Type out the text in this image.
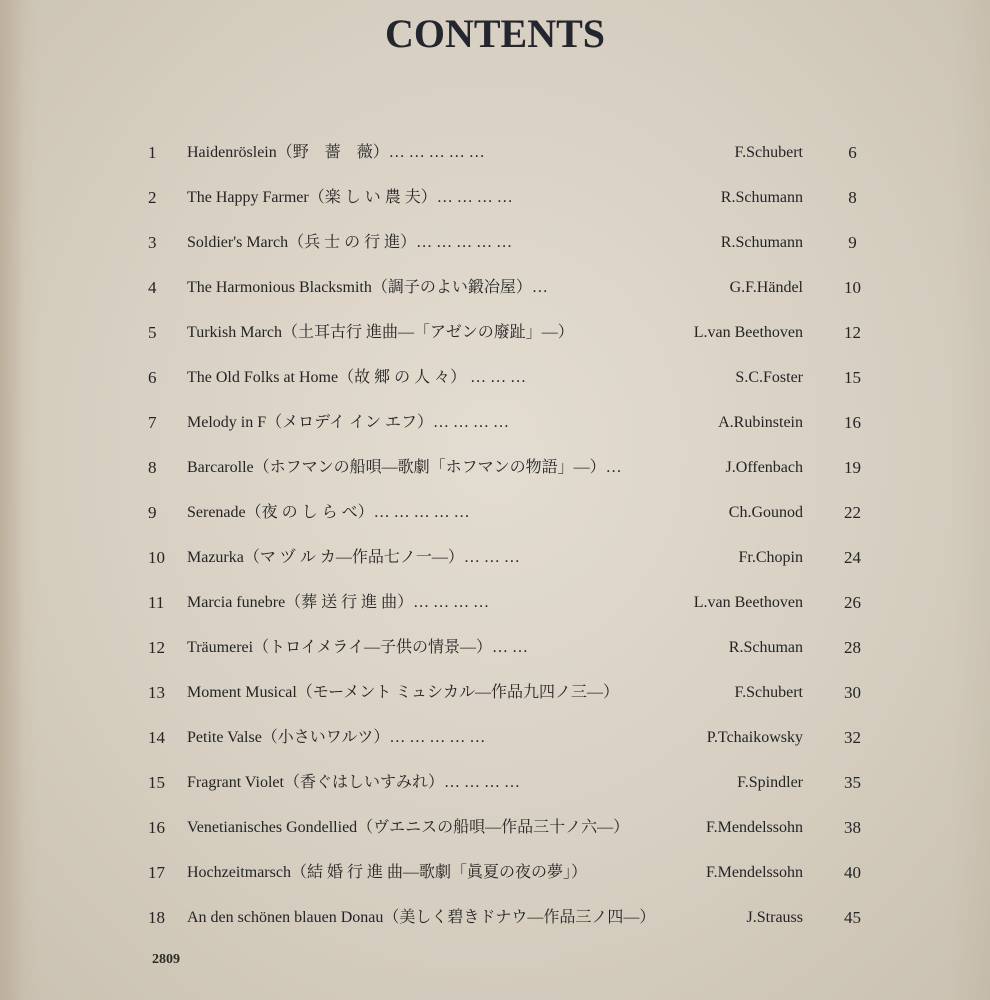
CONTENTS
1	Haidenröslein（野　薔　薇）… … … … …	F.Schubert	6
2	The Happy Farmer（楽 し い 農 夫）… … … …	R.Schumann	8
3	Soldier's March（兵 士 の 行 進）… … … … …	R.Schumann	9
4	The Harmonious Blacksmith（調子のよい鍛冶屋）…	G.F.Händel	10
5	Turkish March（土耳古行 進曲—「アゼンの廢趾」—）	L.van Beethoven	12
6	The Old Folks at Home（故 郷 の 人 々） … … …	S.C.Foster	15
7	Melody in F（メロデイ イン エフ）… … … …	A.Rubinstein	16
8	Barcarolle（ホフマンの船唄—歌劇「ホフマンの物語」—）…	J.Offenbach	19
9	Serenade（夜 の し ら べ）… … … … …	Ch.Gounod	22
10	Mazurka（マ ヅ ル カ—作品七ノ一—）… … …	Fr.Chopin	24
11	Marcia funebre（葬 送 行 進 曲）… … … …	L.van Beethoven	26
12	Träumerei（トロイメライ—子供の情景—）… …	R.Schuman	28
13	Moment Musical（モーメント ミュシカル—作品九四ノ三—）	F.Schubert	30
14	Petite Valse（小さいワルツ）… … … … …	P.Tchaikowsky	32
15	Fragrant Violet（香ぐはしいすみれ）… … … …	F.Spindler	35
16	Venetianisches Gondellied（ヴエニスの船唄—作品三十ノ六—）	F.Mendelssohn	38
17	Hochzeitmarsch（結 婚 行 進 曲—歌劇「眞夏の夜の夢」）	F.Mendelssohn	40
18	An den schönen blauen Donau（美しく碧きドナウ—作品三ノ四—）	J.Strauss	45
2809
